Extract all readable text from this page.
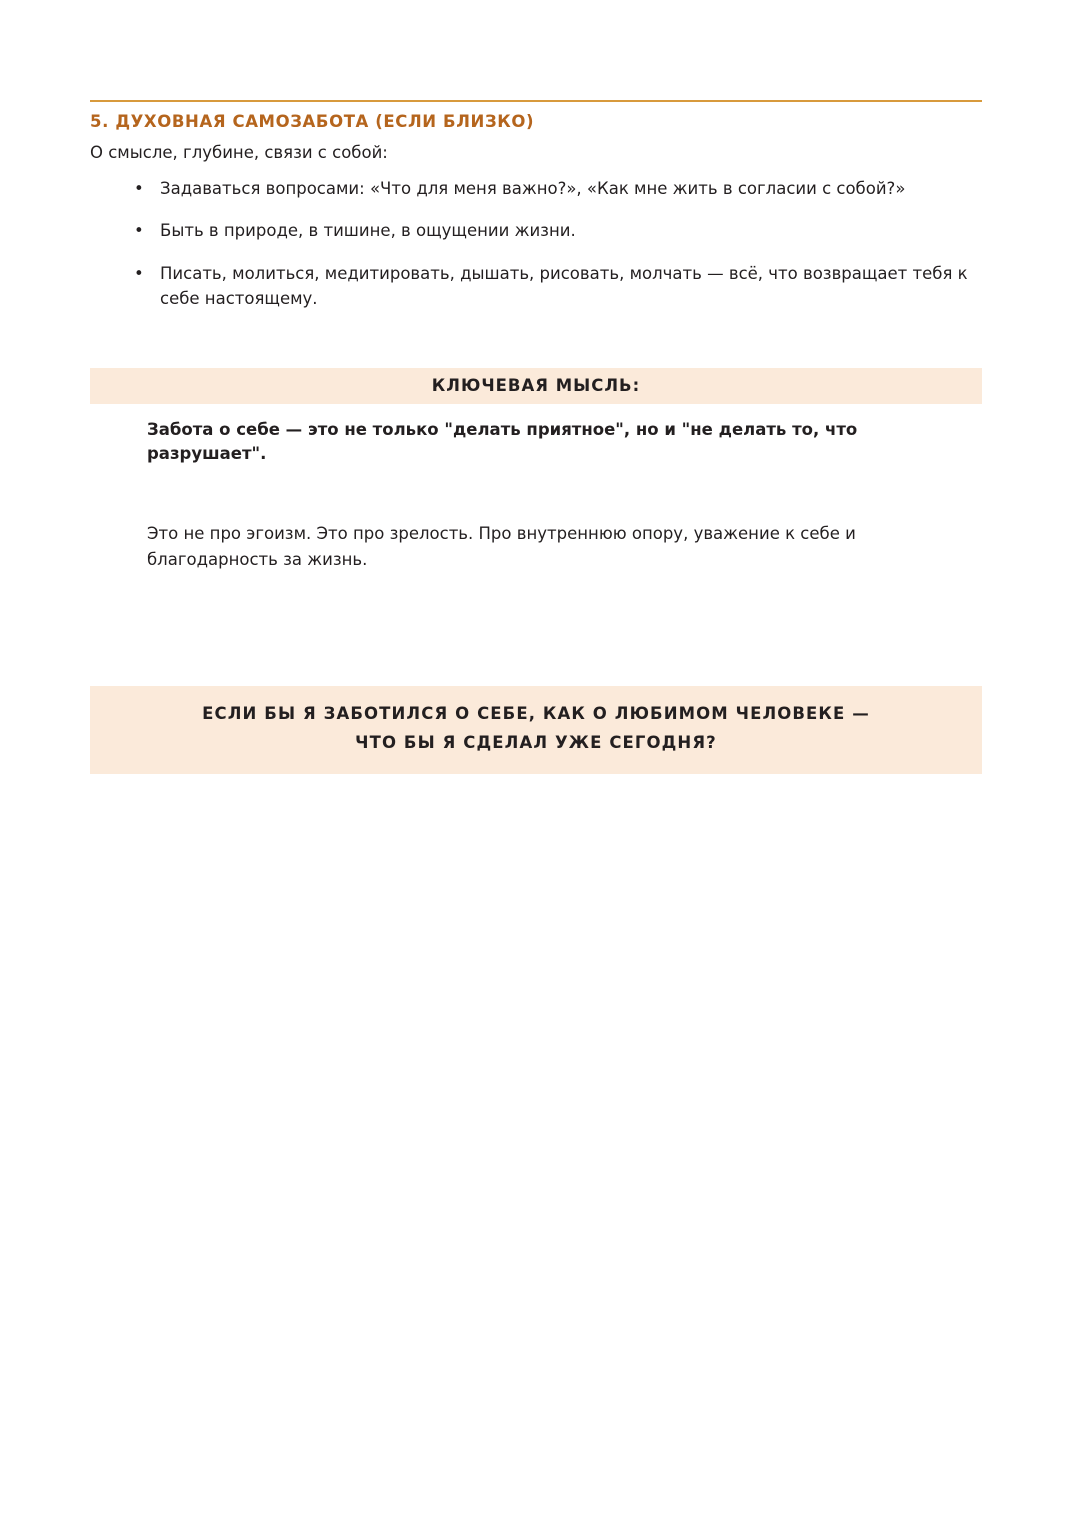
5. ДУХОВНАЯ САМОЗАБОТА (ЕСЛИ БЛИЗКО)

О смысле, глубине, связи с собой:

• Задаваться вопросами: «Что для меня важно?», «Как мне жить в согласии с собой?»
• Быть в природе, в тишине, в ощущении жизни.
• Писать, молиться, медитировать, дышать, рисовать, молчать — всё, что возвращает тебя к себе настоящему.
КЛЮЧЕВАЯ МЫСЛЬ:

Забота о себе — это не только "делать приятное", но и "не делать то, что разрушает".

Это не про эгоизм. Это про зрелость. Про внутреннюю опору, уважение к себе и благодарность за жизнь.

ЕСЛИ БЫ Я ЗАБОТИЛСЯ О СЕБЕ, КАК О ЛЮБИМОМ ЧЕЛОВЕКЕ —
ЧТО БЫ Я СДЕЛАЛ УЖЕ СЕГОДНЯ?
